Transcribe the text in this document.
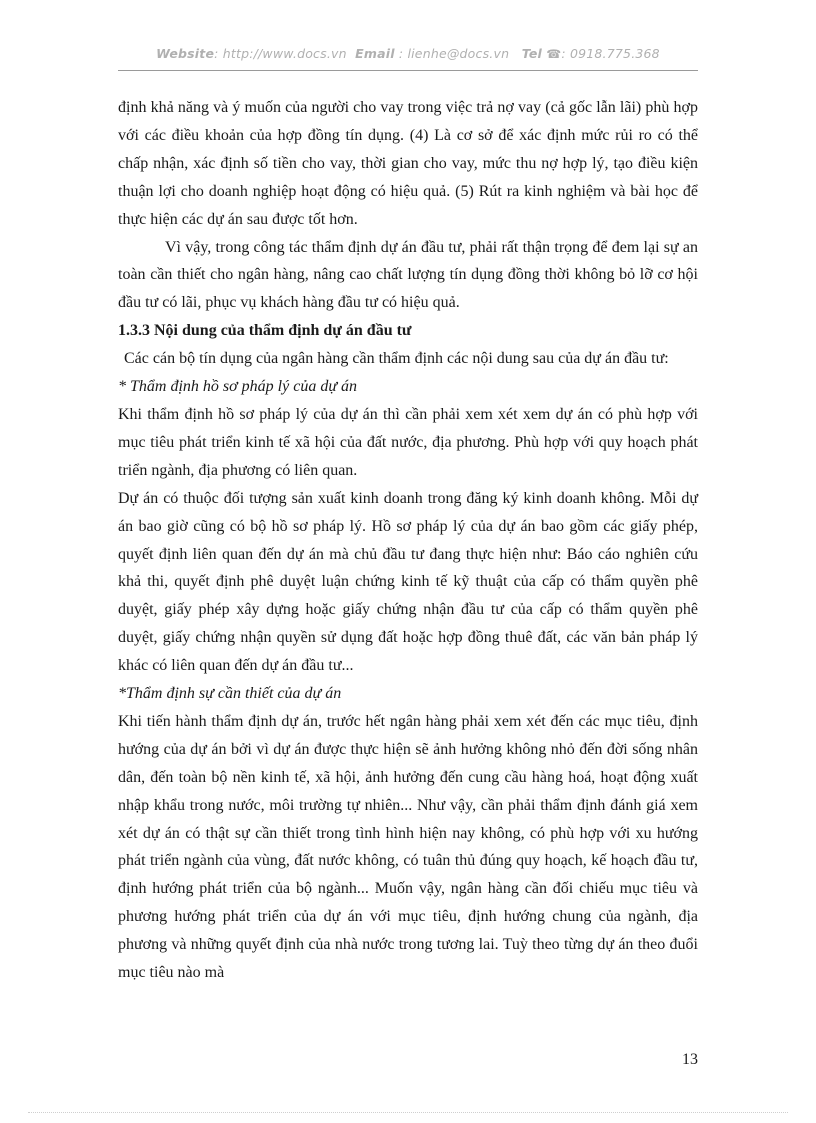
Website: http://www.docs.vn Email : lienhe@docs.vn Tel ☎: 0918.775.368

định khả năng và ý muốn của người cho vay trong việc trả nợ vay (cả gốc lẫn lãi) phù hợp với các điều khoản của hợp đồng tín dụng. (4) Là cơ sở để xác định mức rủi ro có thể chấp nhận, xác định số tiền cho vay, thời gian cho vay, mức thu nợ hợp lý, tạo điều kiện thuận lợi cho doanh nghiệp hoạt động có hiệu quả. (5) Rút ra kinh nghiệm và bài học để thực hiện các dự án sau được tốt hơn.

Vì vậy, trong công tác thẩm định dự án đầu tư, phải rất thận trọng để đem lại sự an toàn cần thiết cho ngân hàng, nâng cao chất lượng tín dụng đồng thời không bỏ lỡ cơ hội đầu tư có lãi, phục vụ khách hàng đầu tư có hiệu quả.

1.3.3 Nội dung của thẩm định dự án đầu tư

Các cán bộ tín dụng của ngân hàng cần thẩm định các nội dung sau của dự án đầu tư:

* Thẩm định hồ sơ pháp lý của dự án

Khi thẩm định hồ sơ pháp lý của dự án thì cần phải xem xét xem dự án có phù hợp với mục tiêu phát triển kinh tế xã hội của đất nước, địa phương. Phù hợp với quy hoạch phát triển ngành, địa phương có liên quan.

Dự án có thuộc đối tượng sản xuất kinh doanh trong đăng ký kinh doanh không. Mỗi dự án bao giờ cũng có bộ hồ sơ pháp lý. Hồ sơ pháp lý của dự án bao gồm các giấy phép, quyết định liên quan đến dự án mà chủ đầu tư đang thực hiện như: Báo cáo nghiên cứu khả thi, quyết định phê duyệt luận chứng kinh tế kỹ thuật của cấp có thẩm quyền phê duyệt, giấy phép xây dựng hoặc giấy chứng nhận đầu tư của cấp có thẩm quyền phê duyệt, giấy chứng nhận quyền sử dụng đất hoặc hợp đồng thuê đất, các văn bản pháp lý khác có liên quan đến dự án đầu tư...

*Thẩm định sự cần thiết của dự án

Khi tiến hành thẩm định dự án, trước hết ngân hàng phải xem xét đến các mục tiêu, định hướng của dự án bởi vì dự án được thực hiện sẽ ảnh hưởng không nhỏ đến đời sống nhân dân, đến toàn bộ nền kinh tế, xã hội, ảnh hưởng đến cung cầu hàng hoá, hoạt động xuất nhập khẩu trong nước, môi trường tự nhiên... Như vậy, cần phải thẩm định đánh giá xem xét dự án có thật sự cần thiết trong tình hình hiện nay không, có phù hợp với xu hướng phát triển ngành của vùng, đất nước không, có tuân thủ đúng quy hoạch, kế hoạch đầu tư, định hướng phát triển của bộ ngành... Muốn vậy, ngân hàng cần đối chiếu mục tiêu và phương hướng phát triển của dự án với mục tiêu, định hướng chung của ngành, địa phương và những quyết định của nhà nước trong tương lai. Tuỳ theo từng dự án theo đuổi mục tiêu nào mà

13
